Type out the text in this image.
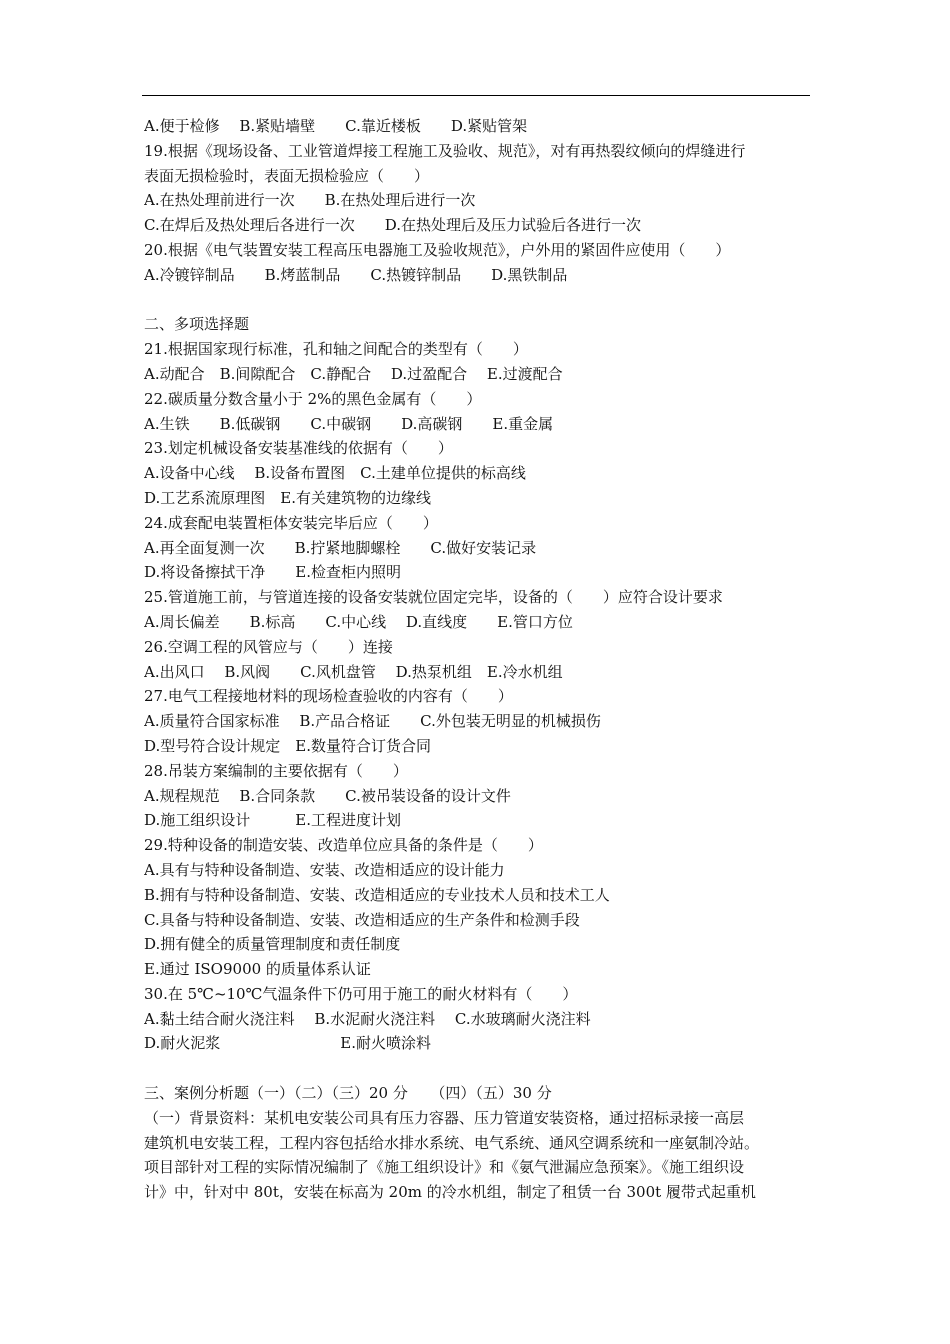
A.便于检修　 B.紧贴墙壁　　C.靠近楼板　　D.紧贴管架
19.根据《现场设备、工业管道焊接工程施工及验收、规范》，对有再热裂纹倾向的焊缝进行
表面无损检验时，表面无损检验应（　　）
A.在热处理前进行一次　　B.在热处理后进行一次
C.在焊后及热处理后各进行一次　　D.在热处理后及压力试验后各进行一次
20.根据《电气装置安装工程高压电器施工及验收规范》，户外用的紧固件应使用（　　）
A.冷镀锌制品　　B.烤蓝制品　　C.热镀锌制品　　D.黑铁制品
二、多项选择题
21.根据国家现行标准，孔和轴之间配合的类型有（　　）
A.动配合　B.间隙配合　C.静配合　 D.过盈配合　 E.过渡配合
22.碳质量分数含量小于 2%的黑色金属有（　　）
A.生铁　　B.低碳钢　　C.中碳钢　　D.高碳钢　　E.重金属
23.划定机械设备安装基准线的依据有（　　）
A.设备中心线　 B.设备布置图　C.土建单位提供的标高线
D.工艺系流原理图　E.有关建筑物的边缘线
24.成套配电装置柜体安装完毕后应（　　）
A.再全面复测一次　　B.拧紧地脚螺栓　　C.做好安装记录
D.将设备擦拭干净　　E.检查柜内照明
25.管道施工前，与管道连接的设备安装就位固定完毕，设备的（　　）应符合设计要求
A.周长偏差　　B.标高　　C.中心线　 D.直线度　　E.管口方位
26.空调工程的风管应与（　　）连接
A.出风口　 B.风阀　　C.风机盘管　 D.热泵机组　E.冷水机组
27.电气工程接地材料的现场检查验收的内容有（　　）
A.质量符合国家标准　 B.产品合格证　　C.外包装无明显的机械损伤
D.型号符合设计规定　E.数量符合订货合同
28.吊装方案编制的主要依据有（　　）
A.规程规范　 B.合同条款　　C.被吊装设备的设计文件
D.施工组织设计　　　E.工程进度计划
29.特种设备的制造安装、改造单位应具备的条件是（　　）
A.具有与特种设备制造、安装、改造相适应的设计能力
B.拥有与特种设备制造、安装、改造相适应的专业技术人员和技术工人
C.具备与特种设备制造、安装、改造相适应的生产条件和检测手段
D.拥有健全的质量管理制度和责任制度
E.通过 ISO9000 的质量体系认证
30.在 5℃~10℃气温条件下仍可用于施工的耐火材料有（　　）
A.黏土结合耐火浇注料　 B.水泥耐火浇注料　 C.水玻璃耐火浇注料
D.耐火泥浆　　　　　　　　E.耐火喷涂料
三、案例分析题（一）（二）（三）20 分　　（四）（五）30 分
（一）背景资料：某机电安装公司具有压力容器、压力管道安装资格，通过招标录接一高层
建筑机电安装工程，工程内容包括给水排水系统、电气系统、通风空调系统和一座氨制冷站。
项目部针对工程的实际情况编制了《施工组织设计》和《氨气泄漏应急预案》。《施工组织设
计》中，针对中 80t，安装在标高为 20m 的冷水机组，制定了租赁一台 300t 履带式起重机
